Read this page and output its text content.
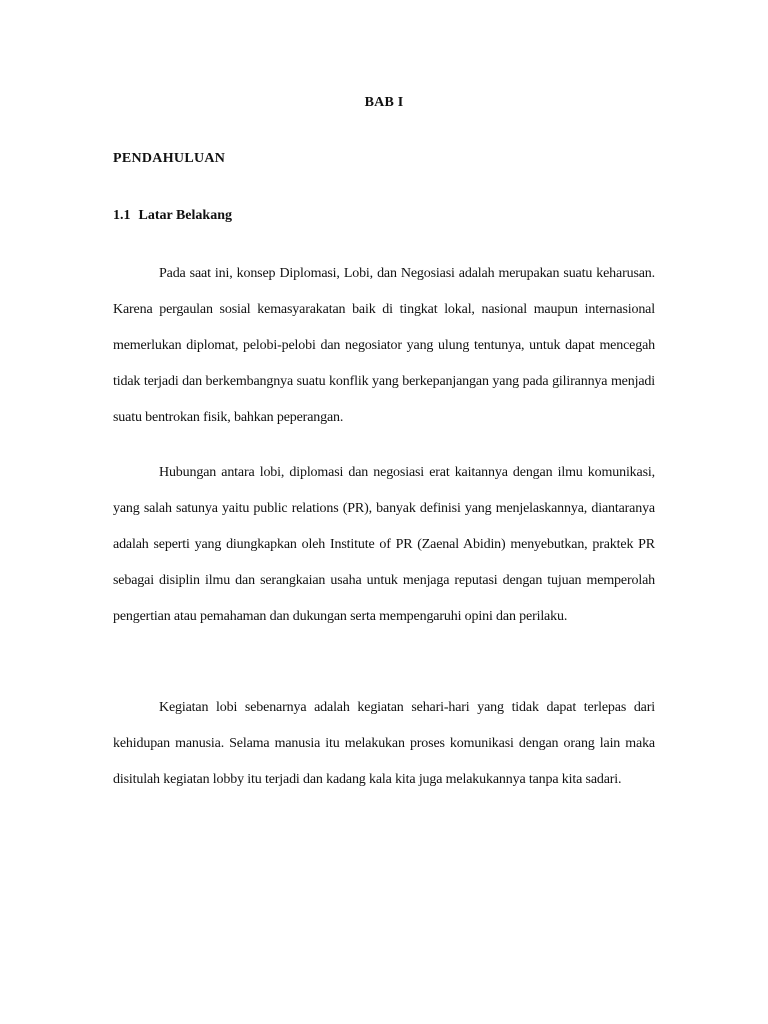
BAB I
PENDAHULUAN
1.1 Latar Belakang

Pada saat ini, konsep Diplomasi, Lobi, dan Negosiasi adalah merupakan suatu keharusan. Karena pergaulan sosial kemasyarakatan baik di tingkat lokal, nasional maupun internasional memerlukan diplomat, pelobi-pelobi dan negosiator yang ulung tentunya, untuk dapat mencegah tidak terjadi dan berkembangnya suatu konflik yang berkepanjangan yang pada gilirannya menjadi suatu bentrokan fisik, bahkan peperangan.

Hubungan antara lobi, diplomasi dan negosiasi erat kaitannya dengan ilmu komunikasi, yang salah satunya yaitu public relations (PR), banyak definisi yang menjelaskannya, diantaranya adalah seperti yang diungkapkan oleh Institute of PR (Zaenal Abidin) menyebutkan, praktek PR sebagai disiplin ilmu dan serangkaian usaha untuk menjaga reputasi dengan tujuan memperolah pengertian atau pemahaman dan dukungan serta mempengaruhi opini dan perilaku.

Kegiatan lobi sebenarnya adalah kegiatan sehari-hari yang tidak dapat terlepas dari kehidupan manusia. Selama manusia itu melakukan proses komunikasi dengan orang lain maka disitulah kegiatan lobby itu terjadi dan kadang kala kita juga melakukannya tanpa kita sadari.
